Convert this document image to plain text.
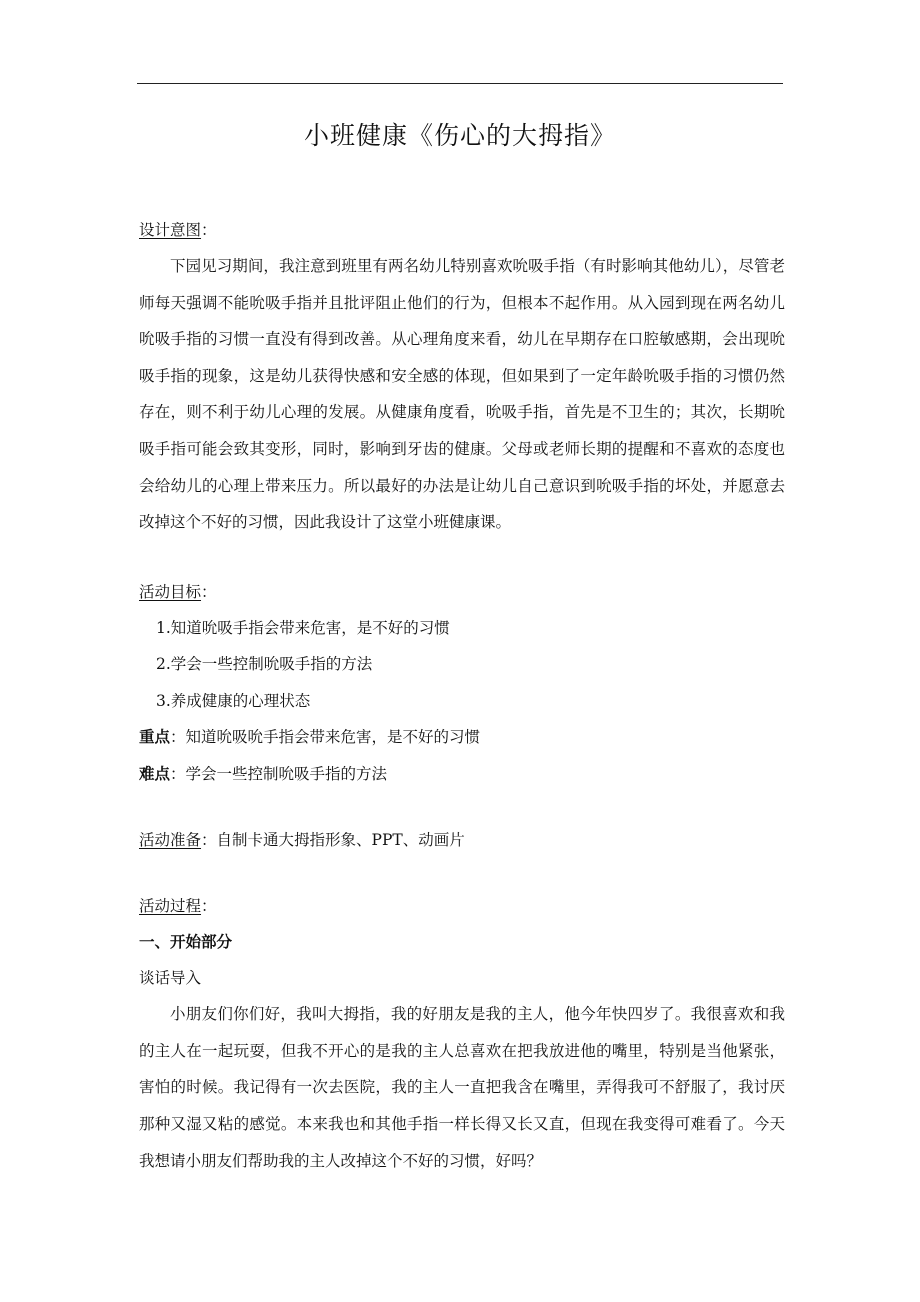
小班健康《伤心的大拇指》
设计意图：

下园见习期间，我注意到班里有两名幼儿特别喜欢吮吸手指（有时影响其他幼儿），尽管老师每天强调不能吮吸手指并且批评阻止他们的行为，但根本不起作用。从入园到现在两名幼儿吮吸手指的习惯一直没有得到改善。从心理角度来看，幼儿在早期存在口腔敏感期，会出现吮吸手指的现象，这是幼儿获得快感和安全感的体现，但如果到了一定年龄吮吸手指的习惯仍然存在，则不利于幼儿心理的发展。从健康角度看，吮吸手指，首先是不卫生的；其次，长期吮吸手指可能会致其变形，同时，影响到牙齿的健康。父母或老师长期的提醒和不喜欢的态度也会给幼儿的心理上带来压力。所以最好的办法是让幼儿自己意识到吮吸手指的坏处，并愿意去改掉这个不好的习惯，因此我设计了这堂小班健康课。

活动目标：
1.知道吮吸手指会带来危害，是不好的习惯
2.学会一些控制吮吸手指的方法
3.养成健康的心理状态
重点：知道吮吸吮手指会带来危害，是不好的习惯
难点：学会一些控制吮吸手指的方法
活动准备：自制卡通大拇指形象、PPT、动画片
活动过程：
一、开始部分
谈话导入

小朋友们你们好，我叫大拇指，我的好朋友是我的主人，他今年快四岁了。我很喜欢和我的主人在一起玩耍，但我不开心的是我的主人总喜欢在把我放进他的嘴里，特别是当他紧张，害怕的时候。我记得有一次去医院，我的主人一直把我含在嘴里，弄得我可不舒服了，我讨厌那种又湿又粘的感觉。本来我也和其他手指一样长得又长又直，但现在我变得可难看了。今天我想请小朋友们帮助我的主人改掉这个不好的习惯，好吗？
